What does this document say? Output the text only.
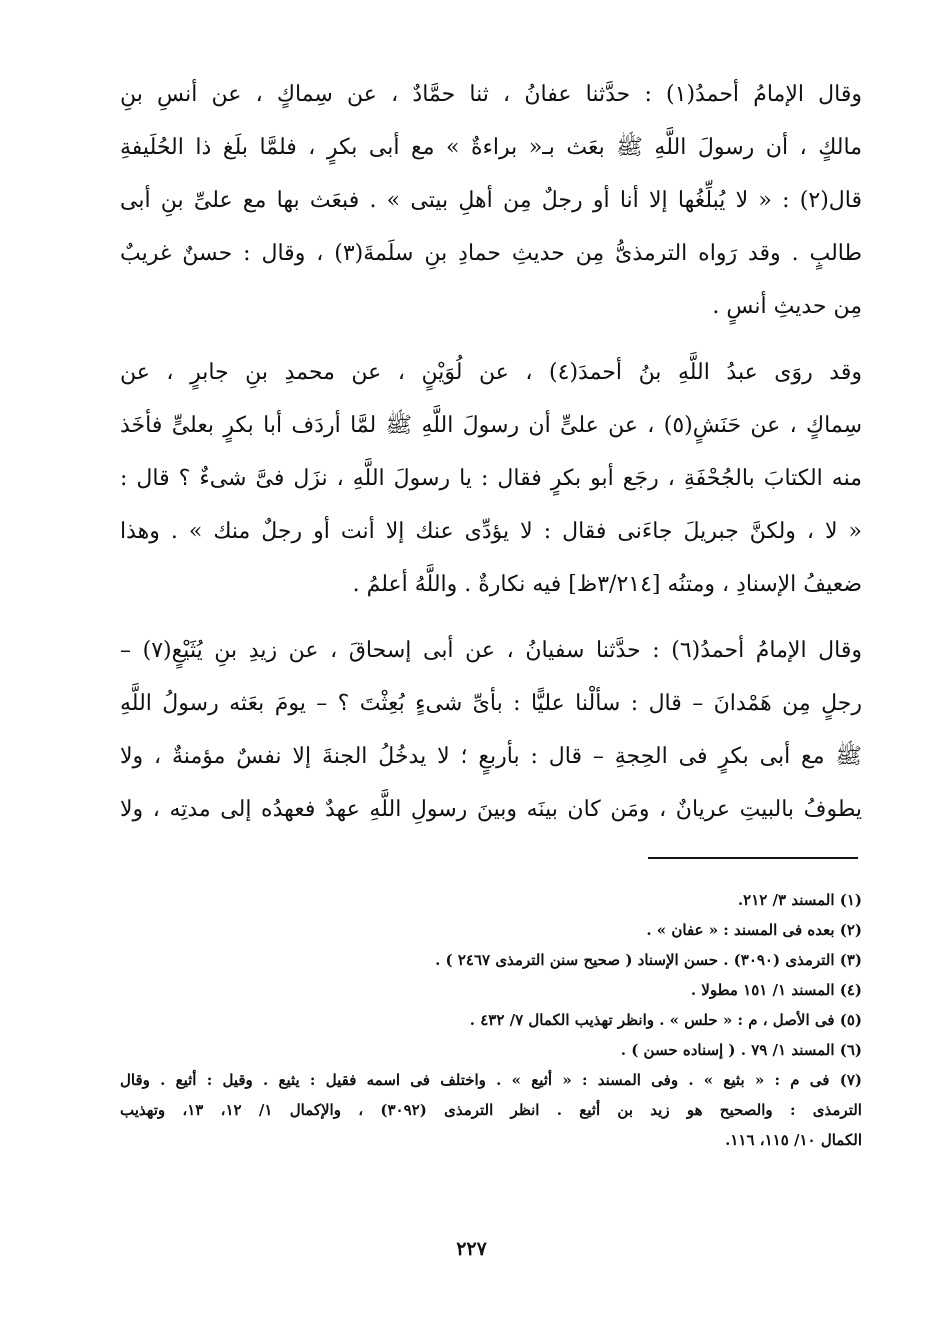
وقال الإمامُ أحمدُ(١) : حدَّثنا عفانُ ، ثنا حمَّادٌ ، عن سِماكٍ ، عن أنسِ بنِ
مالكٍ ، أن رسولَ اللَّهِ ﷺ بعَث بـ« براءةٌ » مع أبى بكرٍ ، فلمَّا بلَغ ذا الحُلَيفةِ
قال(٢) : « لا يُبلِّغُها إلا أنا أو رجلٌ مِن أهلِ بيتى » . فبعَث بها مع علىِّ بنِ أبى
طالبٍ . وقد رَواه الترمذىُّ مِن حديثِ حمادِ بنِ سلَمةَ(٣) ، وقال : حسنٌ غريبٌ
مِن حديثِ أنسٍ .
وقد روَى عبدُ اللَّهِ بنُ أحمدَ(٤) ، عن لُوَيْنٍ ، عن محمدِ بنِ جابرٍ ، عن
سِماكٍ ، عن حَنَشٍ(٥) ، عن علىٍّ أن رسولَ اللَّهِ ﷺ لمَّا أردَف أبا بكرٍ بعلىٍّ فأخَذ
منه الكتابَ بالجُحْفَةِ ، رجَع أبو بكرٍ فقال : يا رسولَ اللَّهِ ، نزَل فىَّ شىءٌ ؟ قال :
« لا ، ولكنَّ جبريلَ جاءَنى فقال : لا يؤدِّى عنك إلا أنت أو رجلٌ منك » . وهذا
ضعيفُ الإسنادِ ، ومتنُه [٣/٢١٤ظ] فيه نكارةٌ . واللَّهُ أعلمُ .
وقال الإمامُ أحمدُ(٦) : حدَّثنا سفيانُ ، عن أبى إسحاقَ ، عن زيدِ بنِ يُثَيْعٍ(٧) –
رجلٍ مِن هَمْدانَ – قال : سألْنا عليًّا : بأىِّ شىءٍ بُعِثْتَ ؟ – يومَ بعَثه رسولُ اللَّهِ
ﷺ مع أبى بكرٍ فى الحِجةِ – قال : بأربعٍ ؛ لا يدخُلُ الجنةَ إلا نفسٌ مؤمنةٌ ، ولا
يطوفُ بالبيتِ عريانٌ ، ومَن كان بينَه وبينَ رسولِ اللَّهِ عهدٌ فعهدُه إلى مدتِه ، ولا
(١) المسند ٣/ ٢١٢.
(٢) بعده فى المسند : « عفان » .
(٣) الترمذى (٣٠٩٠) . حسن الإسناد ( صحيح سنن الترمذى ٢٤٦٧ ) .
(٤) المسند ١/ ١٥١ مطولا .
(٥) فى الأصل ، م : « حلس » . وانظر تهذيب الكمال ٧/ ٤٣٢ .
(٦) المسند ١/ ٧٩ . ( إسناده حسن ) .
(٧) فى م : « بثيع » . وفى المسند : « أثيع » . واختلف فى اسمه فقيل : يثيع . وقيل : أثيع . وقال
الترمذى : والصحيح هو زيد بن أثيع . انظر الترمذى (٣٠٩٢) ، والإكمال ١/ ١٢، ١٣، وتهذيب
الكمال ١٠/ ١١٥، ١١٦.
٢٢٧
